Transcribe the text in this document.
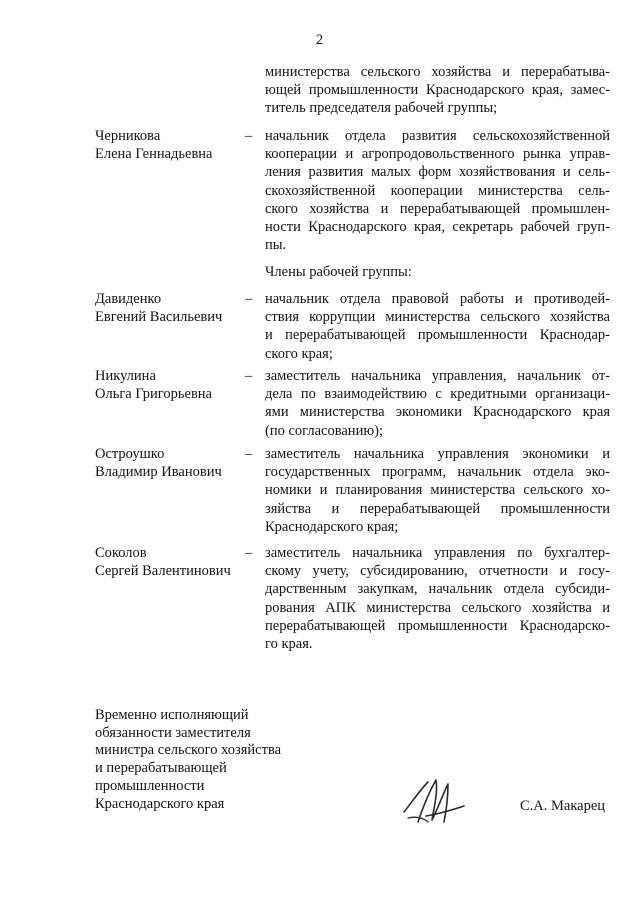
2
министерства сельского хозяйства и перерабатыва-
ющей промышленности Краснодарского края, замес-
титель председателя рабочей группы;
Черникова
Елена Геннадьевна
– начальник отдела развития сельскохозяйственной
кооперации и агропродовольственного рынка управ-
ления развития малых форм хозяйствования и сель-
скохозяйственной кооперации министерства сель-
ского хозяйства и перерабатывающей промышлен-
ности Краснодарского края, секретарь рабочей груп-
пы.
Члены рабочей группы:
Давиденко
Евгений Васильевич
– начальник отдела правовой работы и противодей-
ствия коррупции министерства сельского хозяйства
и перерабатывающей промышленности Краснодар-
ского края;
Никулина
Ольга Григорьевна
– заместитель начальника управления, начальник от-
дела по взаимодействию с кредитными организаци-
ями министерства экономики Краснодарского края
(по согласованию);
Остроушко
Владимир Иванович
– заместитель начальника управления экономики и
государственных программ, начальник отдела эко-
номики и планирования министерства сельского хо-
зяйства и перерабатывающей промышленности
Краснодарского края;
Соколов
Сергей Валентинович
– заместитель начальника управления по бухгалтер-
скому учету, субсидированию, отчетности и госу-
дарственным закупкам, начальник отдела субсиди-
рования АПК министерства сельского хозяйства и
перерабатывающей промышленности Краснодарско-
го края.
Временно исполняющий
обязанности заместителя
министра сельского хозяйства
и перерабатывающей
промышленности
Краснодарского края	С.А. Макарец
